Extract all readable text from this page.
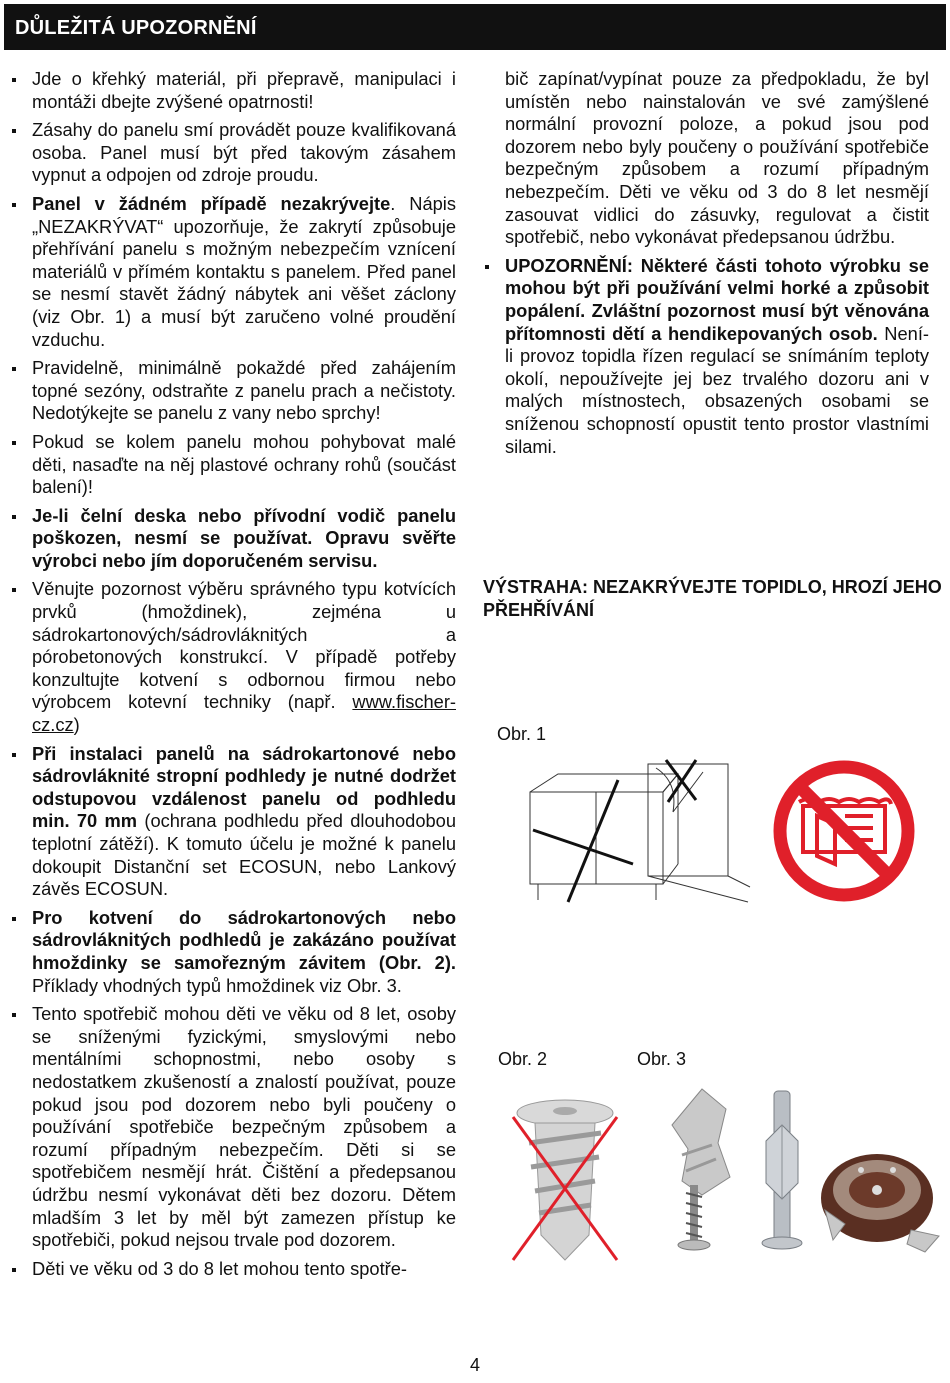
DŮLEŽITÁ UPOZORNĚNÍ
Jde o křehký materiál, při přepravě, manipulaci i montáži dbejte zvýšené opatrnosti!
Zásahy do panelu smí provádět pouze kvalifikovaná osoba. Panel musí být před takovým zásahem vypnut a odpojen od zdroje proudu.
Panel v žádném případě nezakrývejte. Nápis „NEZAKRÝVAT“ upozorňuje, že zakrytí způsobuje přehřívání panelu s možným nebezpečím vznícení materiálů v přímém kontaktu s panelem. Před panel se nesmí stavět žádný nábytek ani věšet záclony (viz Obr. 1) a musí být zaručeno volné proudění vzduchu.
Pravidelně, minimálně pokaždé před zahájením topné sezóny, odstraňte z panelu prach a nečistoty. Nedotýkejte se panelu z vany nebo sprchy!
Pokud se kolem panelu mohou pohybovat malé děti, nasaďte na něj plastové ochrany rohů (součást balení)!
Je-li čelní deska nebo přívodní vodič panelu poškozen, nesmí se používat. Opravu svěřte výrobci nebo jím doporučeném servisu.
Věnujte pozornost výběru správného typu kotvících prvků (hmoždinek), zejména u sádrokartonových/sádrovláknitých a pórobetonových konstrukcí. V případě potřeby konzultujte kotvení s odbornou firmou nebo výrobcem kotevní techniky (např. www.fischer-cz.cz)
Při instalaci panelů na sádrokartonové nebo sádrovláknité stropní podhledy je nutné dodržet odstupovou vzdálenost panelu od podhledu min. 70 mm (ochrana podhledu před dlouhodobou teplotní zátěží). K tomuto účelu je možné k panelu dokoupit Distanční set ECOSUN, nebo Lankový závěs ECOSUN.
Pro kotvení do sádrokartonových nebo sádrovláknitých podhledů je zakázáno používat hmoždinky se samořezným závitem (Obr. 2). Příklady vhodných typů hmoždinek viz Obr. 3.
Tento spotřebič mohou děti ve věku od 8 let, osoby se sníženými fyzickými, smyslovými nebo mentálními schopnostmi, nebo osoby s nedostatkem zkušeností a znalostí používat, pouze pokud jsou pod dozorem nebo byli poučeny o používání spotřebiče bezpečným způsobem a rozumí případným nebezpečím. Děti si se spotřebičem nesmějí hrát. Čištění a předepsanou údržbu nesmí vykonávat děti bez dozoru. Dětem mladším 3 let by měl být zamezen přístup ke spotřebiči, pokud nejsou trvale pod dozorem.
Děti ve věku od 3 do 8 let mohou tento spotře-
bič zapínat/vypínat pouze za předpokladu, že byl umístěn nebo nainstalován ve své zamýšlené normální provozní poloze, a pokud jsou pod dozorem nebo byly poučeny o používání spotřebiče bezpečným způsobem a rozumí případným nebezpečím. Děti ve věku od 3 do 8 let nesmějí zasouvat vidlici do zásuvky, regulovat a čistit spotřebič, nebo vykonávat předepsanou údržbu.
UPOZORNĚNÍ: Některé části tohoto výrobku se mohou být při používání velmi horké a způsobit popálení. Zvláštní pozornost musí být věnována přítomnosti dětí a hendikepovaných osob. Není-li provoz topidla řízen regulací se snímáním teploty okolí, nepoužívejte jej bez trvalého dozoru ani v malých místnostech, obsazených osobami se sníženou schopností opustit tento prostor vlastními silami.
VÝSTRAHA: NEZAKRÝVEJTE TOPIDLO, HROZÍ JEHO PŘEHŘÍVÁNÍ
Obr. 1
Obr. 2	Obr. 3
4
